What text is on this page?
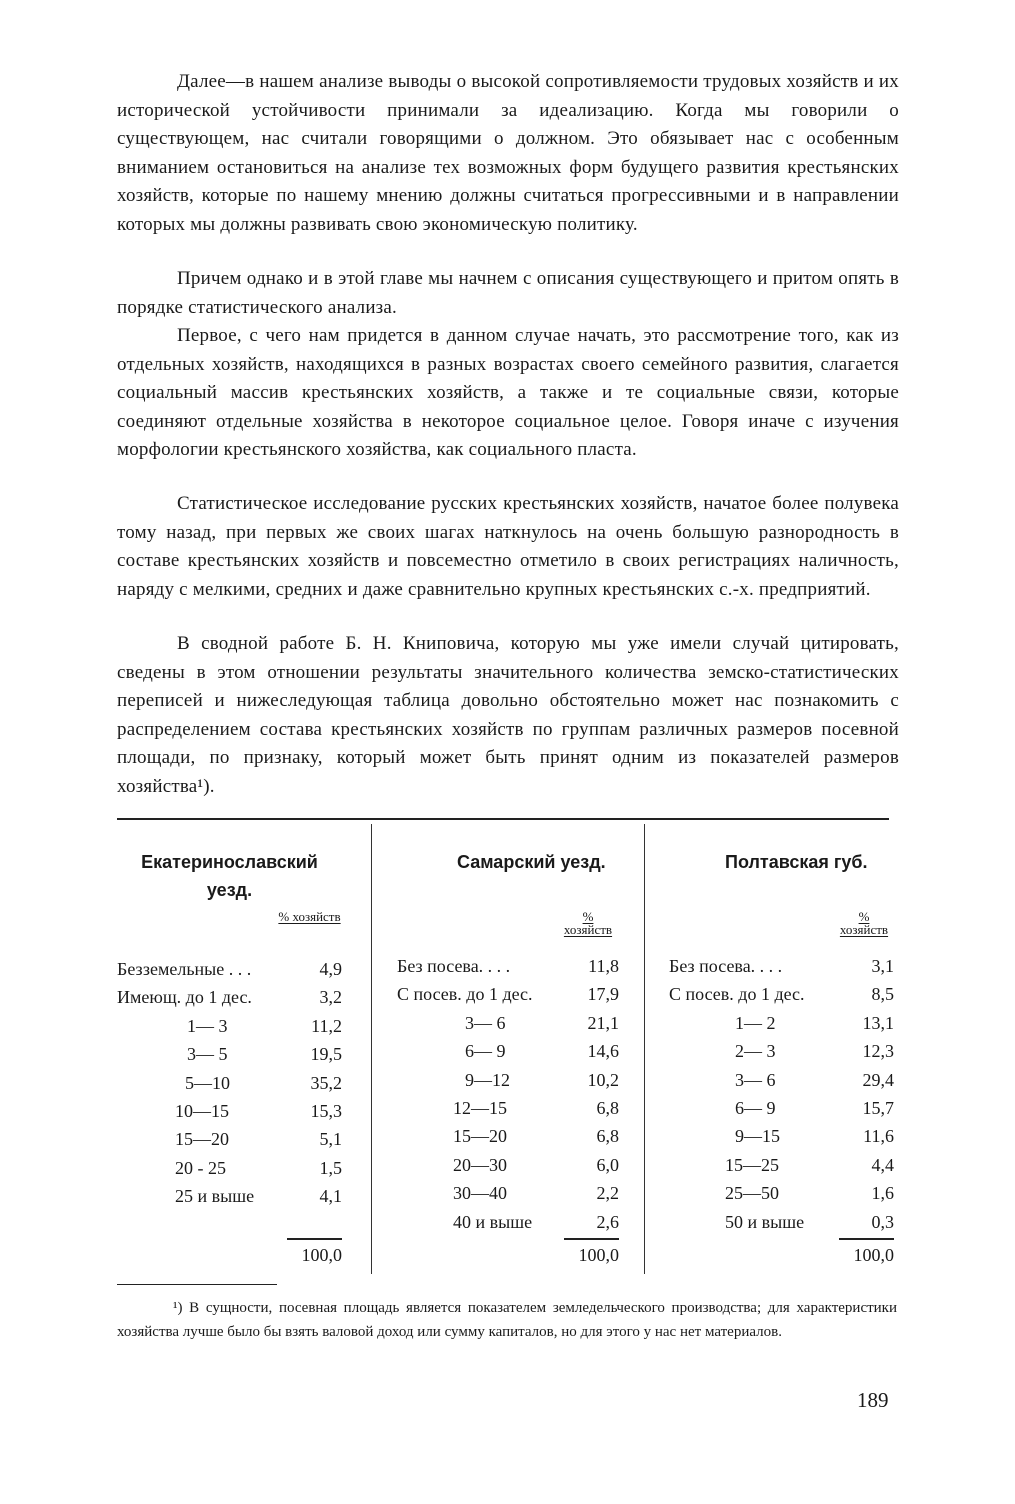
Далее—в нашем анализе выводы о высокой сопротивляемости трудовых хозяйств и их исторической устойчивости принимали за идеализацию. Когда мы говорили о существующем, нас считали говорящими о должном. Это обязывает нас с особенным вниманием остановиться на анализе тех возможных форм будущего развития крестьянских хозяйств, которые по нашему мнению должны считаться прогрессивными и в направлении которых мы должны развивать свою экономическую политику.

Причем однако и в этой главе мы начнем с описания существующего и притом опять в порядке статистического анализа.

Первое, с чего нам придется в данном случае начать, это рассмотрение того, как из отдельных хозяйств, находящихся в разных возрастах своего семейного развития, слагается социальный массив крестьянских хозяйств, а также и те социальные связи, которые соединяют отдельные хозяйства в некоторое социальное целое. Говоря иначе с изучения морфологии крестьянского хозяйства, как социального пласта.

Статистическое исследование русских крестьянских хозяйств, начатое более полувека тому назад, при первых же своих шагах наткнулось на очень большую разнородность в составе крестьянских хозяйств и повсеместно отметило в своих регистрациях наличность, наряду с мелкими, средних и даже сравнительно крупных крестьянских с.-х. предприятий.

В сводной работе Б. Н. Книповича, которую мы уже имели случай цитировать, сведены в этом отношении результаты значительного количества земско-статистических переписей и нижеследующая таблица довольно обстоятельно может нас познакомить с распределением состава крестьянских хозяйств по группам различных размеров посевной площади, по признаку, который может быть принят одним из показателей размеров хозяйства¹).

Екатеринославский уезд.
% хозяйств
Безземельные . . .	4,9
Имеющ. до 1 дес.	3,2
1— 3	11,2
3— 5	19,5
5—10	35,2
10—15	15,3
15—20	5,1
20 - 25	1,5
25 и выше	4,1
100,0
Самарский уезд.
% хозяйств
Без посева. . . .	11,8
С посев. до 1 дес.	17,9
3— 6	21,1
6— 9	14,6
9—12	10,2
12—15	6,8
15—20	6,8
20—30	6,0
30—40	2,2
40 и выше	2,6
100,0
Полтавская губ.
% хозяйств
Без посева. . . .	3,1
С посев. до 1 дес.	8,5
1— 2	13,1
2— 3	12,3
3— 6	29,4
6— 9	15,7
9—15	11,6
15—25	4,4
25—50	1,6
50 и выше	0,3
100,0

¹) В сущности, посевная площадь является показателем земледельческого производства; для характеристики хозяйства лучше было бы взять валовой доход или сумму капиталов, но для этого у нас нет материалов.

189
